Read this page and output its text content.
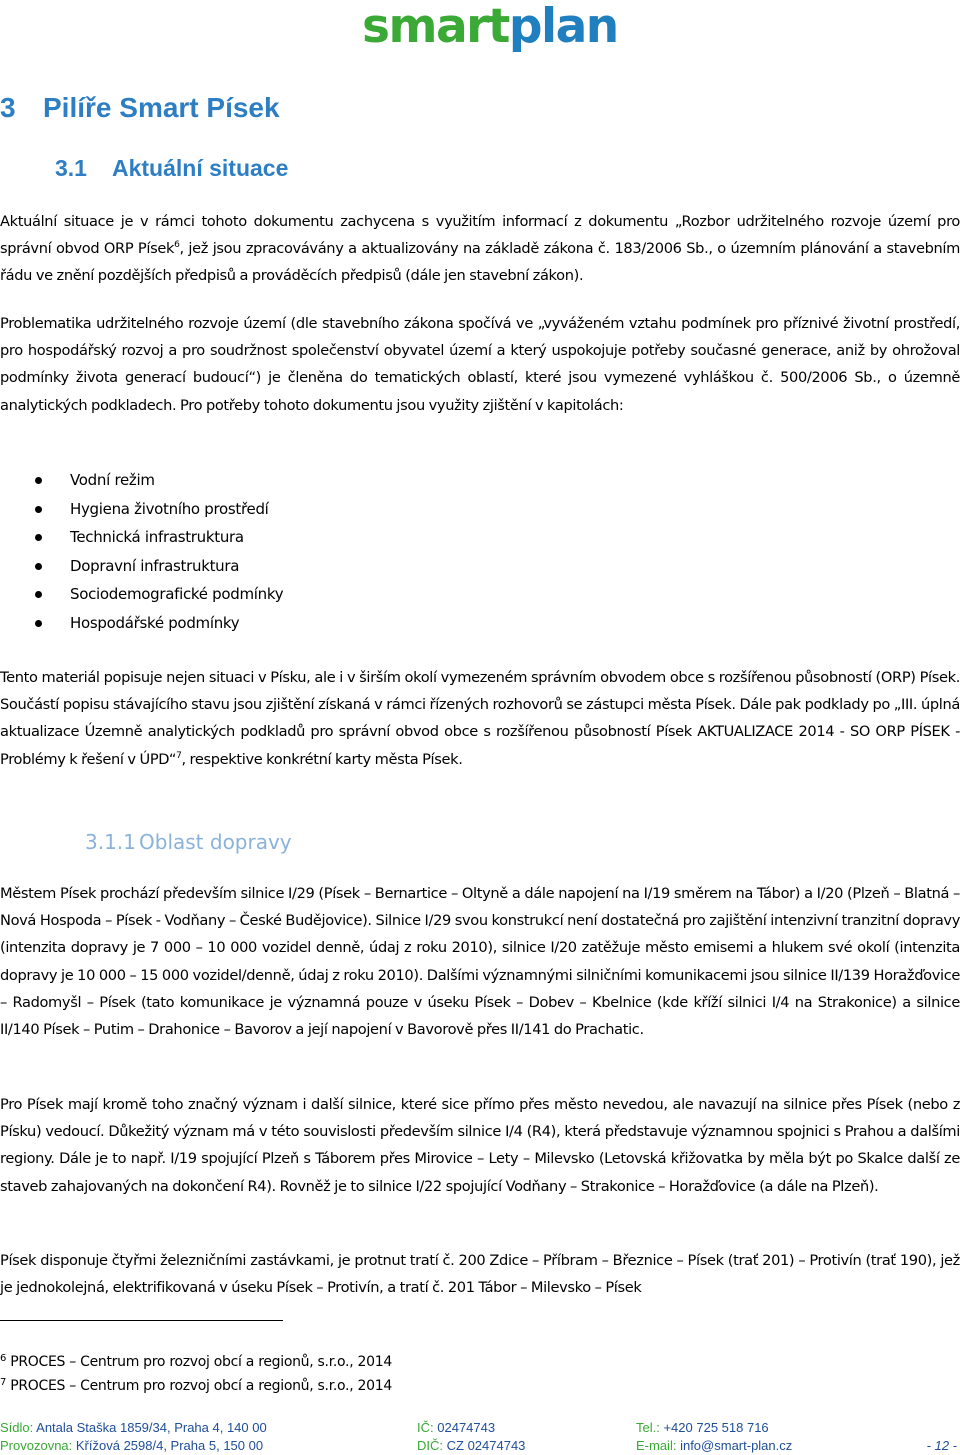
smartplan
3 Pilíře Smart Písek
3.1 Aktuální situace

Aktuální situace je v rámci tohoto dokumentu zachycena s využitím informací z dokumentu „Rozbor udržitelného rozvoje území pro správní obvod ORP Písek$^6$, jež jsou zpracovávány a aktualizovány na základě zákona č. 183/2006 Sb., o územním plánování a stavebním řádu ve znění pozdějších předpisů a prováděcích předpisů (dále jen stavební zákon).

Problematika udržitelného rozvoje území (dle stavebního zákona spočívá ve „vyváženém vztahu podmínek pro příznivé životní prostředí, pro hospodářský rozvoj a pro soudržnost společenství obyvatel území a který uspokojuje potřeby současné generace, aniž by ohrožoval podmínky života generací budoucí“) je členěna do tematických oblastí, které jsou vymezené vyhláškou č. 500/2006 Sb., o územně analytických podkladech. Pro potřeby tohoto dokumentu jsou využity zjištění v kapitolách:

Vodní režim
Hygiena životního prostředí
Technická infrastruktura
Dopravní infrastruktura
Sociodemografické podmínky
Hospodářské podmínky

Tento materiál popisuje nejen situaci v Písku, ale i v širším okolí vymezeném správním obvodem obce s rozšířenou působností (ORP) Písek. Součástí popisu stávajícího stavu jsou zjištění získaná v rámci řízených rozhovorů se zástupci města Písek. Dále pak podklady po „III. úplná aktualizace Územně analytických podkladů pro správní obvod obce s rozšířenou působností Písek AKTUALIZACE 2014 - SO ORP PÍSEK - Problémy k řešení v ÚPD“$^7$, respektive konkrétní karty města Písek.

3.1.1 Oblast dopravy

Městem Písek prochází především silnice I/29 (Písek – Bernartice – Oltyně a dále napojení na I/19 směrem na Tábor) a I/20 (Plzeň – Blatná – Nová Hospoda – Písek - Vodňany – České Budějovice). Silnice I/29 svou konstrukcí není dostatečná pro zajištění intenzivní tranzitní dopravy (intenzita dopravy je 7 000 – 10 000 vozidel denně, údaj z roku 2010), silnice I/20 zatěžuje město emisemi a hlukem své okolí (intenzita dopravy je 10 000 – 15 000 vozidel/denně, údaj z roku 2010). Dalšími významnými silničními komunikacemi jsou silnice II/139 Horažďovice – Radomyšl – Písek (tato komunikace je významná pouze v úseku Písek – Dobev – Kbelnice (kde kříží silnici I/4 na Strakonice) a silnice II/140 Písek – Putim – Drahonice – Bavorov a její napojení v Bavorově přes II/141 do Prachatic.

Pro Písek mají kromě toho značný význam i další silnice, které sice přímo přes město nevedou, ale navazují na silnice přes Písek (nebo z Písku) vedoucí. Důkežitý význam má v této souvislosti především silnice I/4 (R4), která představuje významnou spojnici s Prahou a dalšími regiony. Dále je to např. I/19 spojující Plzeň s Táborem přes Mirovice – Lety – Milevsko (Letovská křižovatka by měla být po Skalce další ze staveb zahajovaných na dokončení R4). Rovněž je to silnice I/22 spojující Vodňany – Strakonice – Horažďovice (a dále na Plzeň).

Písek disponuje čtyřmi železničními zastávkami, je protnut tratí č. 200 Zdice – Příbram – Březnice – Písek (trať 201) – Protivín (trať 190), jež je jednokolejná, elektrifikovaná v úseku Písek – Protivín, a tratí č. 201 Tábor – Milevsko – Písek

$^6$ PROCES – Centrum pro rozvoj obcí a regionů, s.r.o., 2014
$^7$ PROCES – Centrum pro rozvoj obcí a regionů, s.r.o., 2014
Sídlo: Antala Staška 1859/34, Praha 4, 140 00	IČ: 02474743	Tel.: +420 725 518 716
Provozovna: Křížová 2598/4, Praha 5, 150 00	DIČ: CZ 02474743	E-mail: info@smart-plan.cz	- 12 -
